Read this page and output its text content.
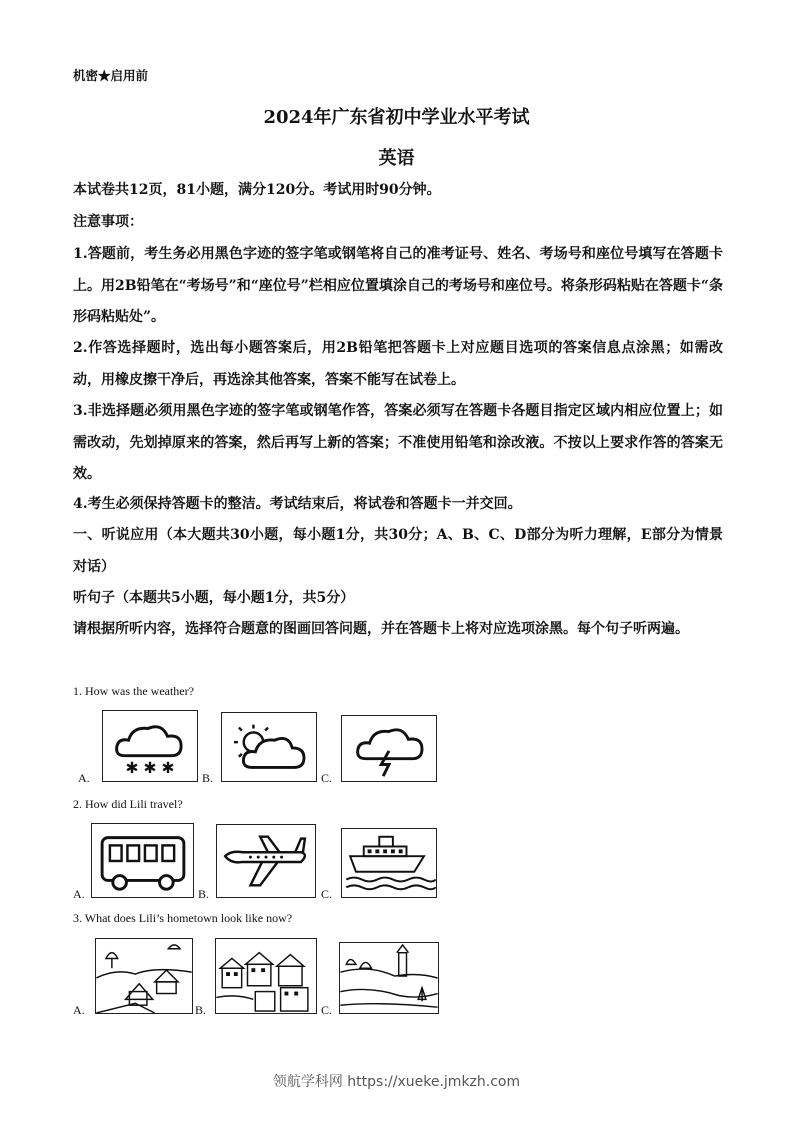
机密★启用前
2024年广东省初中学业水平考试
英语
本试卷共12页，81小题，满分120分。考试用时90分钟。
注意事项：
1.答题前，考生务必用黑色字迹的签字笔或钢笔将自己的准考证号、姓名、考场号和座位号填写在答题卡上。用2B铅笔在“考场号”和“座位号”栏相应位置填涂自己的考场号和座位号。将条形码粘贴在答题卡“条形码粘贴处”。
2.作答选择题时，选出每小题答案后，用2B铅笔把答题卡上对应题目选项的答案信息点涂黑；如需改动，用橡皮擦干净后，再选涂其他答案，答案不能写在试卷上。
3.非选择题必须用黑色字迹的签字笔或钢笔作答，答案必须写在答题卡各题目指定区域内相应位置上；如需改动，先划掉原来的答案，然后再写上新的答案；不准使用铅笔和涂改液。不按以上要求作答的答案无效。
4.考生必须保持答题卡的整洁。考试结束后，将试卷和答题卡一并交回。
一、听说应用（本大题共30小题，每小题1分，共30分；A、B、C、D部分为听力理解，E部分为情景对话）
听句子（本题共5小题，每小题1分，共5分）
请根据所听内容，选择符合题意的图画回答问题，并在答题卡上将对应选项涂黑。每个句子听两遍。
1. How was the weather?
A.
✱ ✱ ✱
B.	C.
2. How did Lili travel?
A.	B.	C.
3. What does Lili’s hometown look like now?
A.	B.	C.
领航学科网 https://xueke.jmkzh.com
